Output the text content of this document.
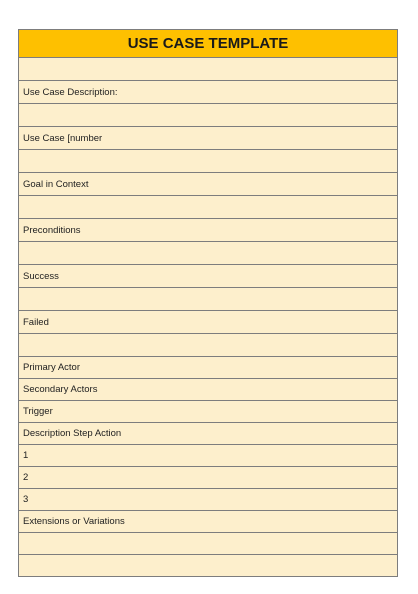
USE CASE TEMPLATE

Use Case Description:

Use Case [number

Goal in Context

Preconditions

Success

Failed

Primary Actor
Secondary Actors
Trigger
Description Step Action
1
2
3
Extensions or Variations
